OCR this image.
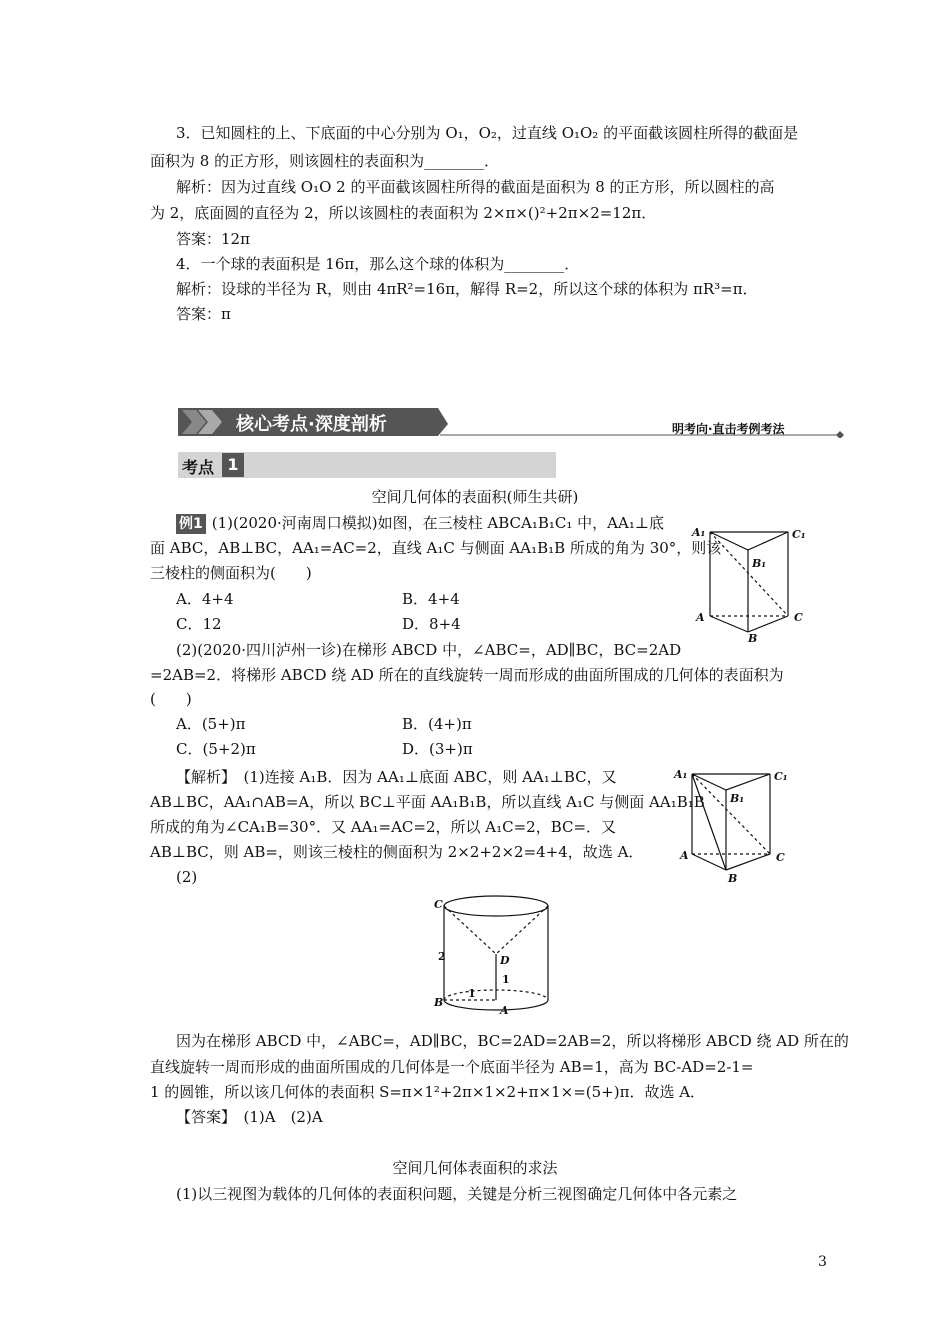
3．已知圆柱的上、下底面的中心分别为 O₁，O₂，过直线 O₁O₂ 的平面截该圆柱所得的截面是
面积为 8 的正方形，则该圆柱的表面积为________．
解析：因为过直线 O₁O 2 的平面截该圆柱所得的截面是面积为 8 的正方形，所以圆柱的高
为 2，底面圆的直径为 2，所以该圆柱的表面积为 2×π×()²+2π×2=12π．
答案：12π
4．一个球的表面积是 16π，那么这个球的体积为________．
解析：设球的半径为 R，则由 4πR²=16π，解得 R=2，所以这个球的体积为 πR³=π．
答案：π
核心考点·深度剖析	明考向·直击考例考法
考点 1
空间几何体的表面积(师生共研)
例1 (1)(2020·河南周口模拟)如图，在三棱柱 ABCA₁B₁C₁ 中，AA₁⊥底
面 ABC，AB⊥BC，AA₁=AC=2，直线 A₁C 与侧面 AA₁B₁B 所成的角为 30°，则该
三棱柱的侧面积为(　　)
A．4+4	B．4+4
C．12	D．8+4
(2)(2020·四川泸州一诊)在梯形 ABCD 中，∠ABC=，AD∥BC，BC=2AD
=2AB=2．将梯形 ABCD 绕 AD 所在的直线旋转一周而形成的曲面所围成的几何体的表面积为
(　　)
A．(5+)π	B．(4+)π
C．(5+2)π	D．(3+)π
A₁	C₁
B₁
A	C
B
【解析】　(1)连接 A₁B．因为 AA₁⊥底面 ABC，则 AA₁⊥BC，又
AB⊥BC，AA₁∩AB=A，所以 BC⊥平面 AA₁B₁B，所以直线 A₁C 与侧面 AA₁B₁B
所成的角为∠CA₁B=30°．又 AA₁=AC=2，所以 A₁C=2，BC=．又
AB⊥BC，则 AB=，则该三棱柱的侧面积为 2×2+2×2=4+4，故选 A．
(2)
A₁	C₁
B₁
A	C
B
C
B
D
A
2
1
1
因为在梯形 ABCD 中，∠ABC=，AD∥BC，BC=2AD=2AB=2，所以将梯形 ABCD 绕 AD 所在的
直线旋转一周而形成的曲面所围成的几何体是一个底面半径为 AB=1，高为 BC-AD=2-1=
1 的圆锥，所以该几何体的表面积 S=π×1²+2π×1×2+π×1×=(5+)π．故选 A．
【答案】　(1)A　(2)A
空间几何体表面积的求法
(1)以三视图为载体的几何体的表面积问题，关键是分析三视图确定几何体中各元素之
3
